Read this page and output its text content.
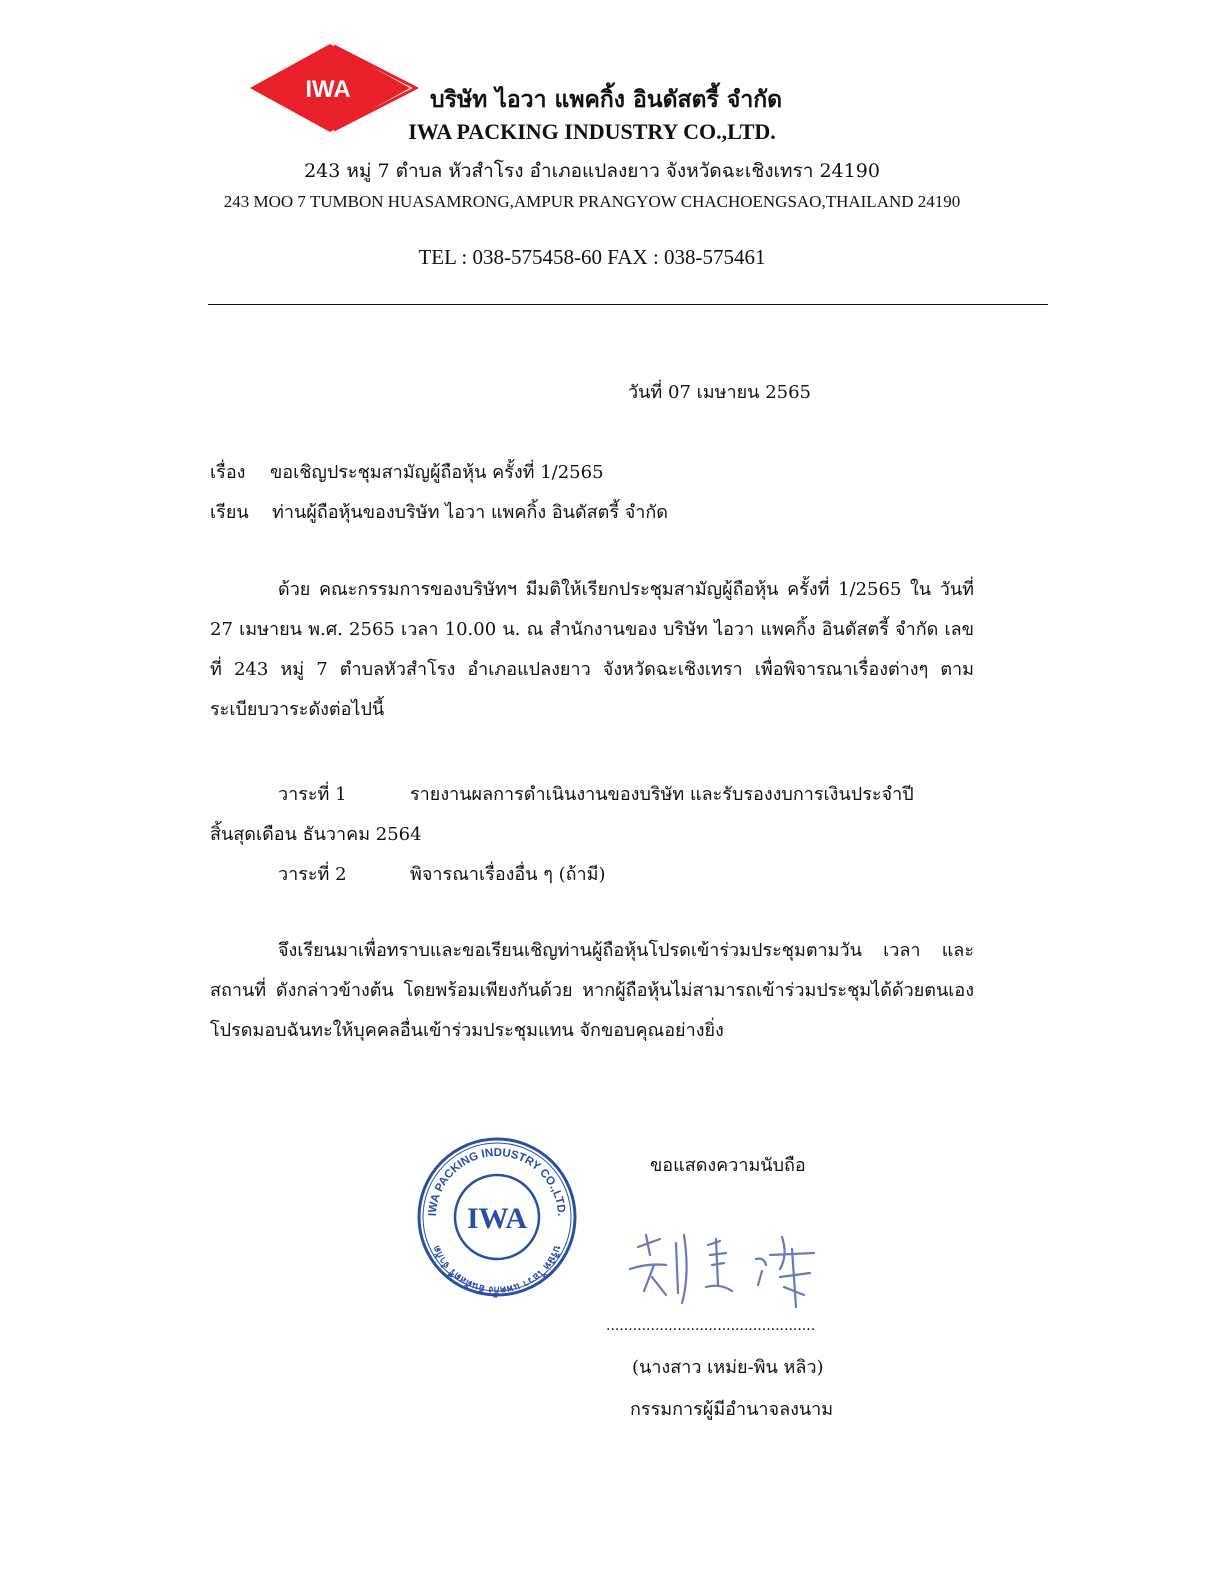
IWA	บริษัท ไอวา แพคกิ้ง อินดัสตรี้ จำกัด
IWA PACKING INDUSTRY CO.,LTD.
243 หมู่ 7 ตำบล หัวสำโรง อำเภอแปลงยาว จังหวัดฉะเชิงเทรา 24190
243 MOO 7 TUMBON HUASAMRONG,AMPUR PRANGYOW CHACHOENGSAO,THAILAND 24190
TEL : 038-575458-60 FAX : 038-575461
วันที่ 07 เมษายน 2565
เรื่อง ขอเชิญประชุมสามัญผู้ถือหุ้น ครั้งที่ 1/2565
เรียน ท่านผู้ถือหุ้นของบริษัท ไอวา แพคกิ้ง อินดัสตรี้ จำกัด

ด้วย คณะกรรมการของบริษัทฯ มีมติให้เรียกประชุมสามัญผู้ถือหุ้น ครั้งที่ 1/2565 ใน วันที่ 27 เมษายน พ.ศ. 2565 เวลา 10.00 น. ณ สำนักงานของ บริษัท ไอวา แพคกิ้ง อินดัสตรี้ จำกัด เลขที่ 243 หมู่ 7 ตำบลหัวสำโรง อำเภอแปลงยาว จังหวัดฉะเชิงเทรา เพื่อพิจารณาเรื่องต่างๆ ตามระเบียบวาระดังต่อไปนี้

วาระที่ 1	รายงานผลการดำเนินงานของบริษัท และรับรองงบการเงินประจำปี
สิ้นสุดเดือน ธันวาคม 2564
วาระที่ 2	พิจารณาเรื่องอื่น ๆ (ถ้ามี)

จึงเรียนมาเพื่อทราบและขอเรียนเชิญท่านผู้ถือหุ้นโปรดเข้าร่วมประชุมตามวัน เวลา และ สถานที่ ดังกล่าวข้างต้น โดยพร้อมเพียงกันด้วย หากผู้ถือหุ้นไม่สามารถเข้าร่วมประชุมได้ด้วยตนเองโปรดมอบฉันทะให้บุคคลอื่นเข้าร่วมประชุมแทน จักขอบคุณอย่างยิ่ง

IWA PACKING INDUSTRY CO.,LTD.
บริษัท ไอวา แพคกิ้ง อินดัสตรี้ จำกัด
IWA
ขอแสดงความนับถือ
...............................................
(นางสาว เหม่ย-พิน หลิว)
กรรมการผู้มีอำนาจลงนาม
